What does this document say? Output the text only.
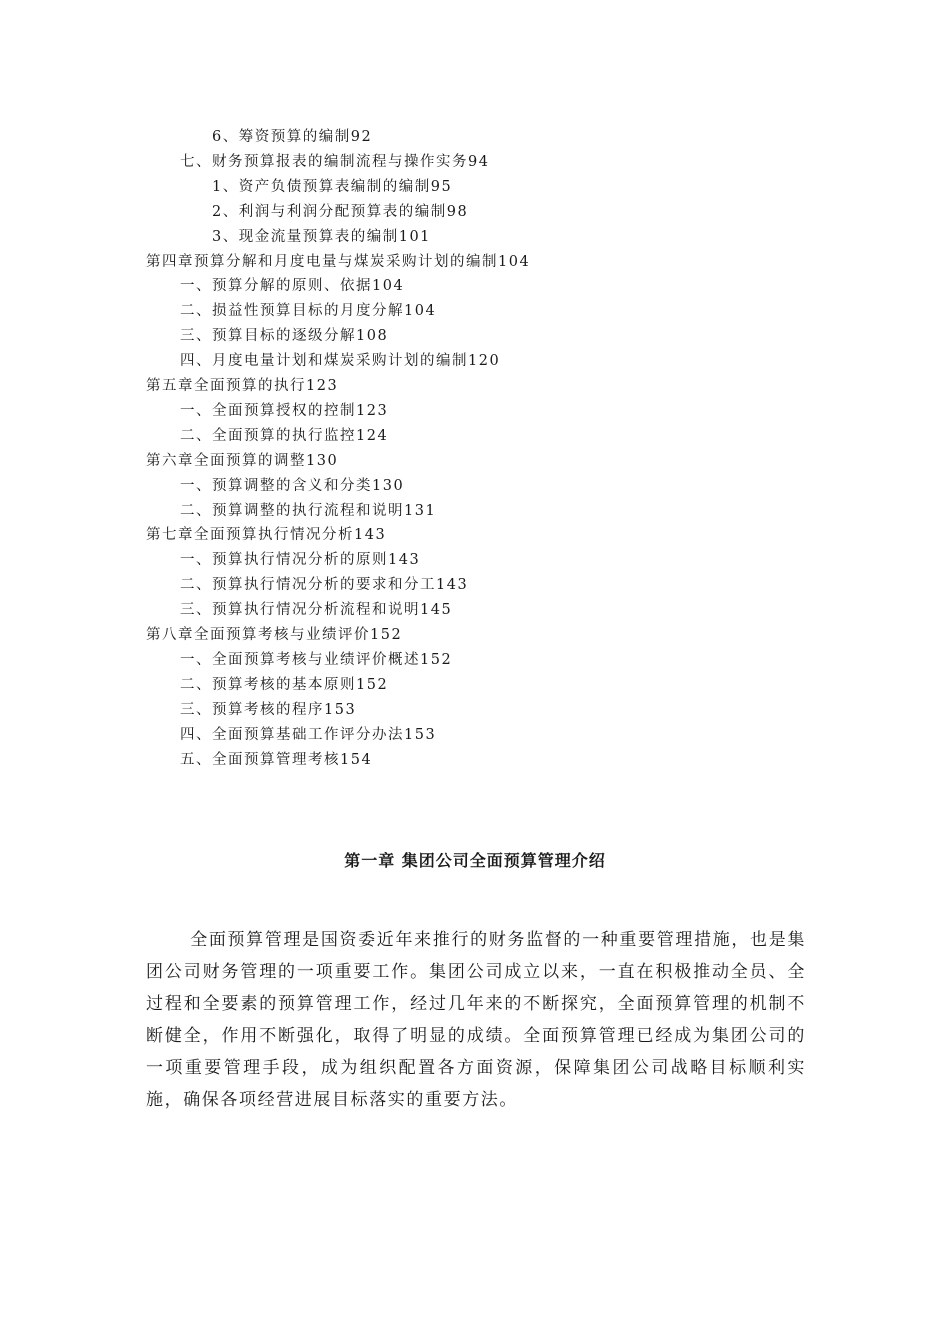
6、筹资预算的编制92
七、财务预算报表的编制流程与操作实务94
1、资产负债预算表编制的编制95
2、利润与利润分配预算表的编制98
3、现金流量预算表的编制101
第四章预算分解和月度电量与煤炭采购计划的编制104
一、预算分解的原则、依据104
二、损益性预算目标的月度分解104
三、预算目标的逐级分解108
四、月度电量计划和煤炭采购计划的编制120
第五章全面预算的执行123
一、全面预算授权的控制123
二、全面预算的执行监控124
第六章全面预算的调整130
一、预算调整的含义和分类130
二、预算调整的执行流程和说明131
第七章全面预算执行情况分析143
一、预算执行情况分析的原则143
二、预算执行情况分析的要求和分工143
三、预算执行情况分析流程和说明145
第八章全面预算考核与业绩评价152
一、全面预算考核与业绩评价概述152
二、预算考核的基本原则152
三、预算考核的程序153
四、全面预算基础工作评分办法153
五、全面预算管理考核154
第一章 集团公司全面预算管理介绍

全面预算管理是国资委近年来推行的财务监督的一种重要管理措施，也是集团公司财务管理的一项重要工作。集团公司成立以来，一直在积极推动全员、全过程和全要素的预算管理工作，经过几年来的不断探究，全面预算管理的机制不断健全，作用不断强化，取得了明显的成绩。全面预算管理已经成为集团公司的一项重要管理手段，成为组织配置各方面资源，保障集团公司战略目标顺利实施，确保各项经营进展目标落实的重要方法。
